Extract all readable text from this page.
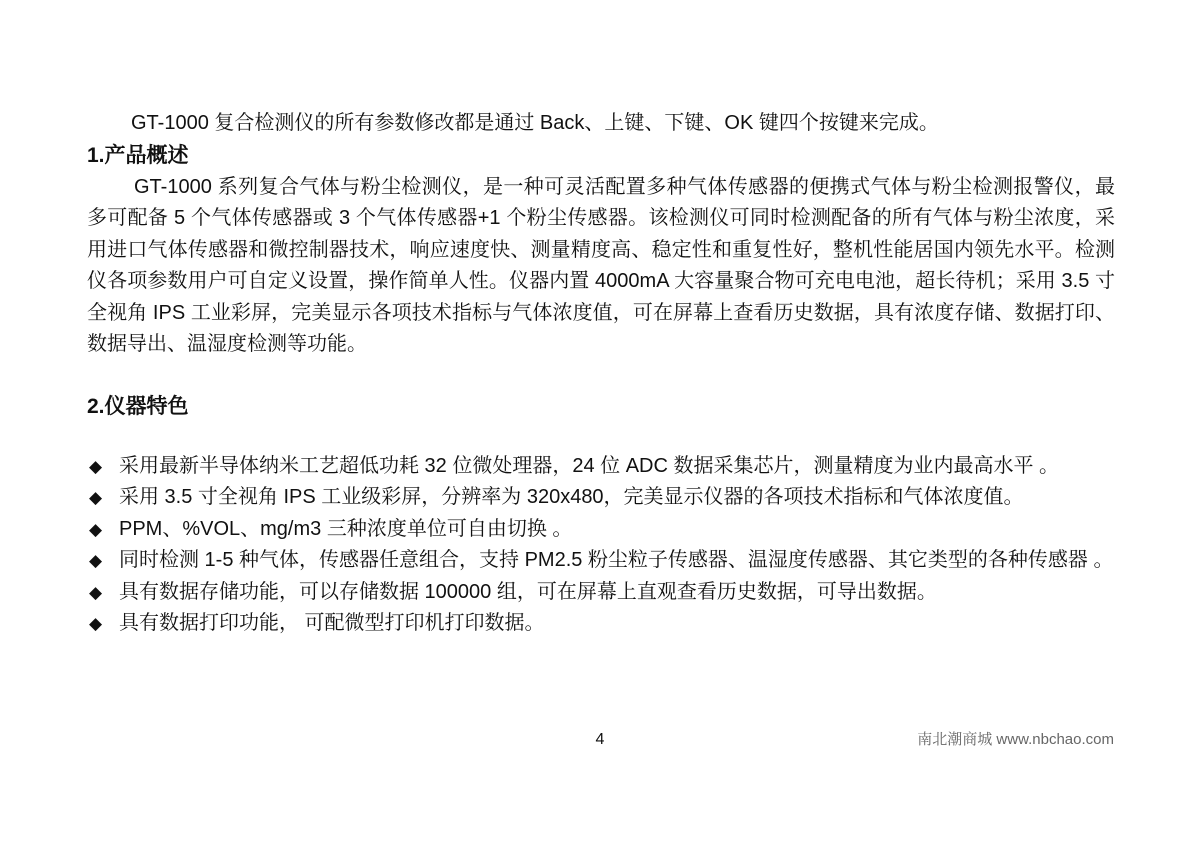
GT-1000 复合检测仪的所有参数修改都是通过 Back、上键、下键、OK 键四个按键来完成。

1.产品概述

GT-1000 系列复合气体与粉尘检测仪，是一种可灵活配置多种气体传感器的便携式气体与粉尘检测报警仪，最多可配备 5 个气体传感器或 3 个气体传感器+1 个粉尘传感器。该检测仪可同时检测配备的所有气体与粉尘浓度，采用进口气体传感器和微控制器技术，响应速度快、测量精度高、稳定性和重复性好，整机性能居国内领先水平。检测仪各项参数用户可自定义设置，操作简单人性。仪器内置 4000mA 大容量聚合物可充电电池，超长待机；采用 3.5 寸全视角 IPS 工业彩屏，完美显示各项技术指标与气体浓度值，可在屏幕上查看历史数据，具有浓度存储、数据打印、数据导出、温湿度检测等功能。

2.仪器特色
◆ 采用最新半导体纳米工艺超低功耗 32 位微处理器，24 位 ADC 数据采集芯片，测量精度为业内最高水平 。
◆ 采用 3.5 寸全视角 IPS 工业级彩屏，分辨率为 320x480，完美显示仪器的各项技术指标和气体浓度值。
◆ PPM、%VOL、mg/m3 三种浓度单位可自由切换 。
◆ 同时检测 1-5 种气体，传感器任意组合，支持 PM2.5 粉尘粒子传感器、温湿度传感器、其它类型的各种传感器 。
◆ 具有数据存储功能，可以存储数据 100000 组，可在屏幕上直观查看历史数据，可导出数据。
◆ 具有数据打印功能， 可配微型打印机打印数据。
4	南北潮商城 www.nbchao.com
